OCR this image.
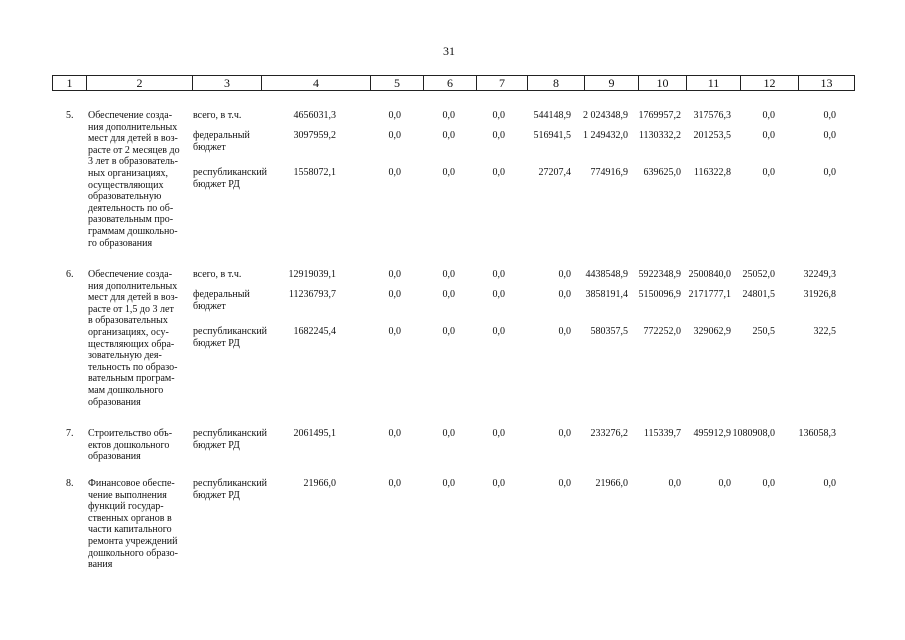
31
1	2	3	4	5	6	7	8	9	10	11	12	13
5. Обеспечение созда-
ния дополнительных
мест для детей в воз-
расте от 2 месяцев до
3 лет в образователь-
ных организациях,
осуществляющих
образовательную
деятельность по об-
разовательным про-
граммам дошкольно-
го образования
всего, в т.ч.	4656031,3	0,0	0,0	0,0	544148,9	2 024348,9	1769957,2	317576,3	0,0	0,0
федеральный
бюджет
3097959,2	0,0	0,0	0,0	516941,5	1 249432,0	1130332,2	201253,5	0,0	0,0
республиканский
бюджет РД
1558072,1	0,0	0,0	0,0	27207,4	774916,9	639625,0	116322,8	0,0	0,0
6. Обеспечение созда-
ния дополнительных
мест для детей в воз-
расте от 1,5 до 3 лет
в образовательных
организациях, осу-
ществляющих обра-
зовательную дея-
тельность по образо-
вательным програм-
мам дошкольного
образования
всего, в т.ч.	12919039,1	0,0	0,0	0,0	0,0	4438548,9	5922348,9 2500840,0	25052,0	32249,3
федеральный
бюджет
11236793,7	0,0	0,0	0,0	0,0	3858191,4	5150096,9 2171777,1	24801,5	31926,8
республиканский
бюджет РД
1682245,4	0,0	0,0	0,0	0,0	580357,5	772252,0	329062,9	250,5	322,5
7. Строительство объ-
ектов дошкольного
образования
республиканский
бюджет РД
2061495,1	0,0	0,0	0,0	0,0	233276,2	115339,7	495912,9 1080908,0	136058,3
8. Финансовое обеспе-
чение выполнения
функций государ-
ственных органов в
части капитального
ремонта учреждений
дошкольного образо-
вания
республиканский
бюджет РД
21966,0	0,0	0,0	0,0	0,0	21966,0	0,0	0,0	0,0	0,0
